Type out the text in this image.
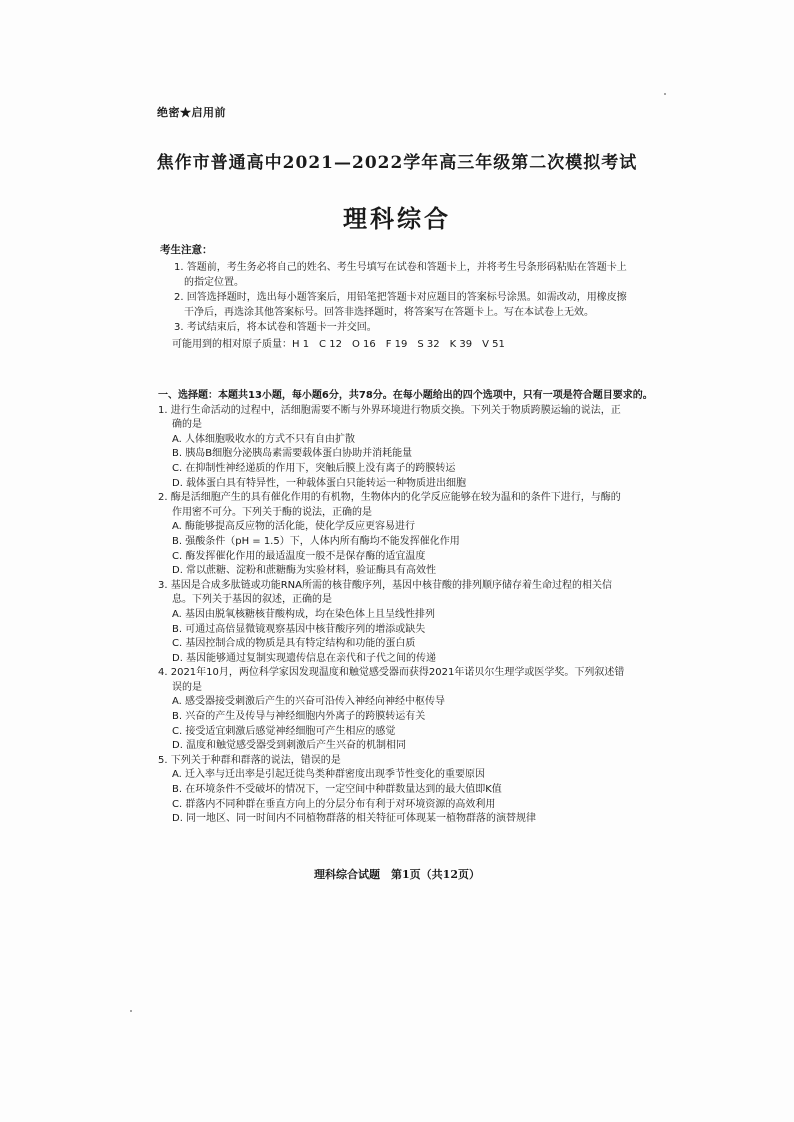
绝密★启用前
焦作市普通高中2021—2022学年高三年级第二次模拟考试
理科综合
考生注意：
1. 答题前，考生务必将自己的姓名、考生号填写在试卷和答题卡上，并将考生号条形码粘贴在答题卡上
的指定位置。
2. 回答选择题时，选出每小题答案后，用铅笔把答题卡对应题目的答案标号涂黑。如需改动，用橡皮擦
干净后，再选涂其他答案标号。回答非选择题时，将答案写在答题卡上。写在本试卷上无效。
3. 考试结束后，将本试卷和答题卡一并交回。
可能用到的相对原子质量：H 1　C 12　O 16　F 19　S 32　K 39　V 51
一、选择题：本题共13小题，每小题6分，共78分。在每小题给出的四个选项中，只有一项是符合题目要求的。
1. 进行生命活动的过程中，活细胞需要不断与外界环境进行物质交换。下列关于物质跨膜运输的说法，正
确的是
A. 人体细胞吸收水的方式不只有自由扩散
B. 胰岛B细胞分泌胰岛素需要载体蛋白协助并消耗能量
C. 在抑制性神经递质的作用下，突触后膜上没有离子的跨膜转运
D. 载体蛋白具有特异性，一种载体蛋白只能转运一种物质进出细胞
2. 酶是活细胞产生的具有催化作用的有机物，生物体内的化学反应能够在较为温和的条件下进行，与酶的
作用密不可分。下列关于酶的说法，正确的是
A. 酶能够提高反应物的活化能，使化学反应更容易进行
B. 强酸条件（pH = 1.5）下，人体内所有酶均不能发挥催化作用
C. 酶发挥催化作用的最适温度一般不是保存酶的适宜温度
D. 常以蔗糖、淀粉和蔗糖酶为实验材料，验证酶具有高效性
3. 基因是合成多肽链或功能RNA所需的核苷酸序列，基因中核苷酸的排列顺序储存着生命过程的相关信
息。下列关于基因的叙述，正确的是
A. 基因由脱氧核糖核苷酸构成，均在染色体上且呈线性排列
B. 可通过高倍显微镜观察基因中核苷酸序列的增添或缺失
C. 基因控制合成的物质是具有特定结构和功能的蛋白质
D. 基因能够通过复制实现遗传信息在亲代和子代之间的传递
4. 2021年10月，两位科学家因发现温度和触觉感受器而获得2021年诺贝尔生理学或医学奖。下列叙述错
误的是
A. 感受器接受刺激后产生的兴奋可沿传入神经向神经中枢传导
B. 兴奋的产生及传导与神经细胞内外离子的跨膜转运有关
C. 接受适宜刺激后感觉神经细胞可产生相应的感觉
D. 温度和触觉感受器受到刺激后产生兴奋的机制相同
5. 下列关于种群和群落的说法，错误的是
A. 迁入率与迁出率是引起迁徙鸟类种群密度出现季节性变化的重要原因
B. 在环境条件不受破坏的情况下，一定空间中种群数量达到的最大值即K值
C. 群落内不同种群在垂直方向上的分层分布有利于对环境资源的高效利用
D. 同一地区、同一时间内不同植物群落的相关特征可体现某一植物群落的演替规律
理科综合试题　第1页（共12页）
